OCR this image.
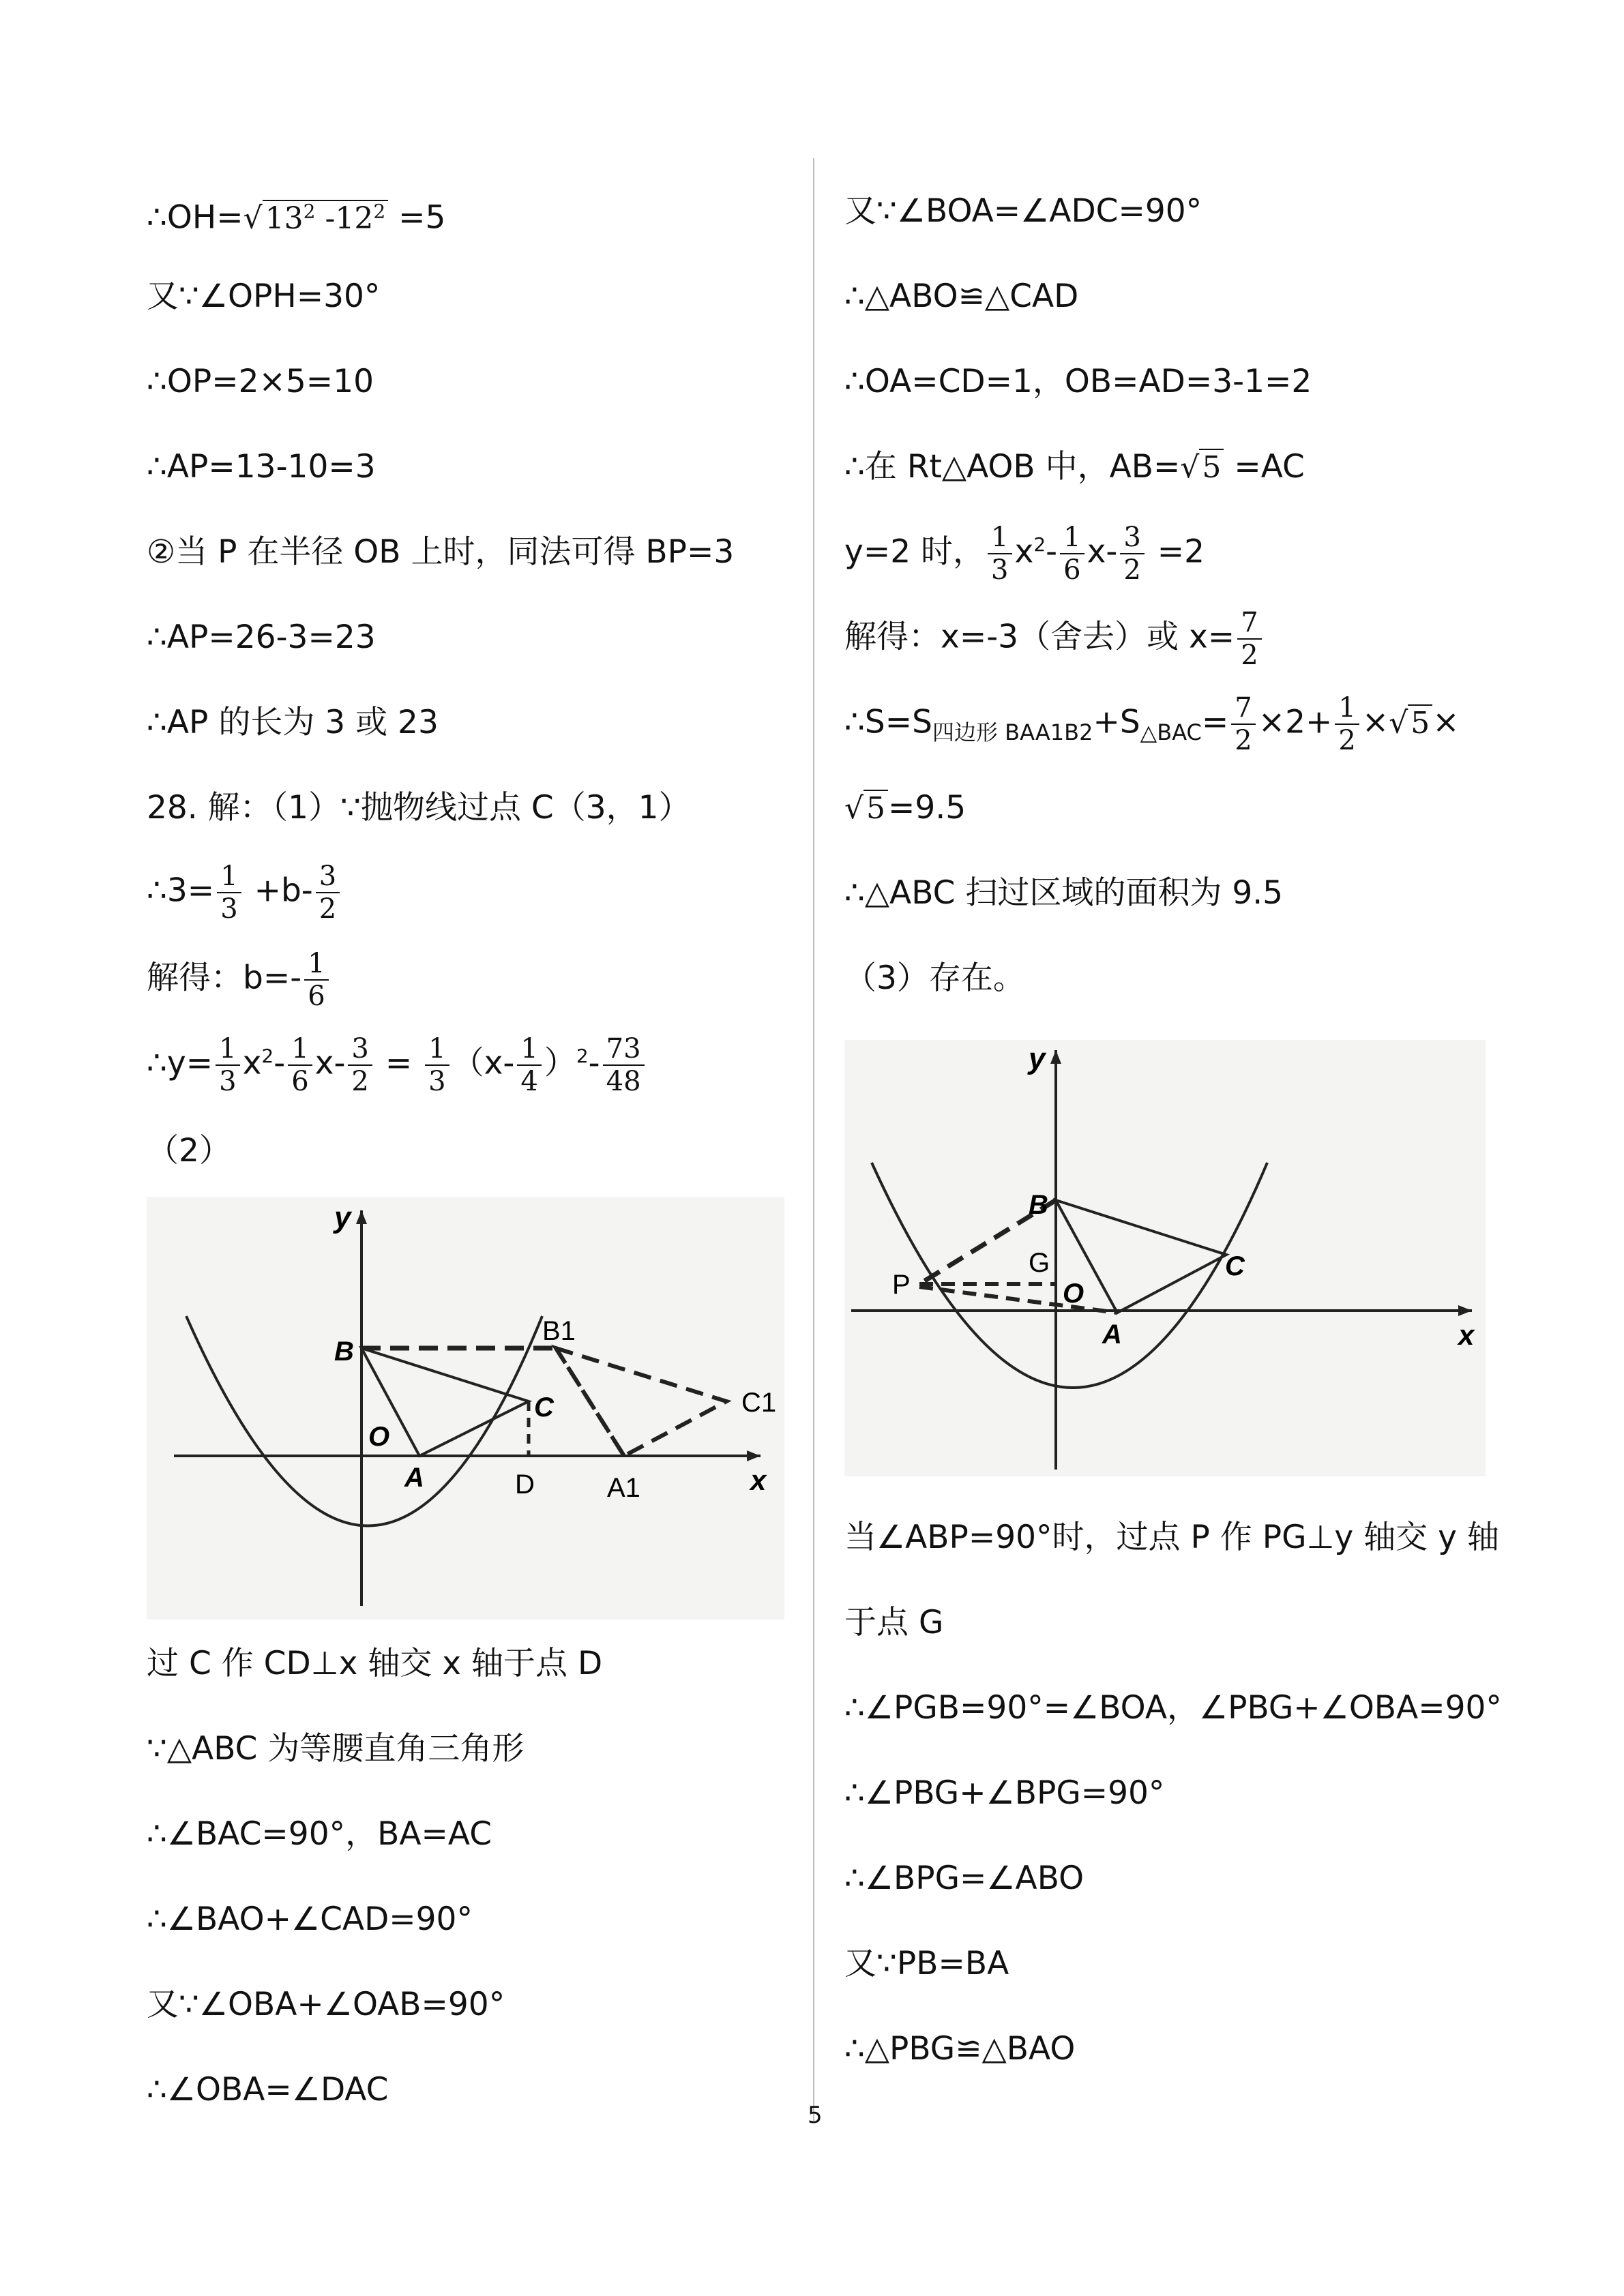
$\therefore OH=√13^2$ $-12^2 =5$
又∵∠OPH=30°
∴OP=2×5=10
∴AP=13-10=3
②当 P 在半径 OB 上时，同法可得 BP=3
∴AP=26-3=23
∴AP 的长为 3 或 23
28. 解：（1）∵抛物线过点 C（3，1）
∴3= $\frac{1}{3} +b- \frac{3}{2}$
解得：$b=- \frac{1}{6}$
∴y= $\frac{1}{3} x^2- \frac{1}{6} x- \frac{3}{2} = \frac{1}{3} (x- \frac{1}{4} )^2- \frac{73}{48}$
（2）
y
x
B
B1
C	C1
O
A	D	A1
过 C 作 CD⊥x 轴交 x 轴于点 D
∵△ABC 为等腰直角三角形
∴∠BAC=90°，BA=AC
∴∠BAO+∠CAD=90°
又∵∠OBA+∠OAB=90°
∴∠OBA=∠DAC
又∵∠BOA=∠ADC=90°
∴△ABO≌△CAD
∴OA=CD=1，OB=AD=3-1=2
∴在 Rt△AOB 中，AB=√5 =AC
y=2 时， $\frac{1}{3} x^2- \frac{1}{6} x- \frac{3}{2} =2$
解得：x=-3（舍去）或 $x= \frac{7}{2}$
$\therefore S=S_{四边形 BAA1B2}+S_{\triangle BAC}= \frac{7}{2} \times 2+ \frac{1}{2} \times√5\times$
√5=9.5
∴△ABC 扫过区域的面积为 9.5
（3）存在。
y
x
B
C
P
G
O
A
当∠ABP=90°时，过点 P 作 PG⊥y 轴交 y 轴
于点 G
∴∠PGB=90°=∠BOA，∠PBG+∠OBA=90°
∴∠PBG+∠BPG=90°
∴∠BPG=∠ABO
又∵PB=BA
∴△PBG≌△BAO
5
